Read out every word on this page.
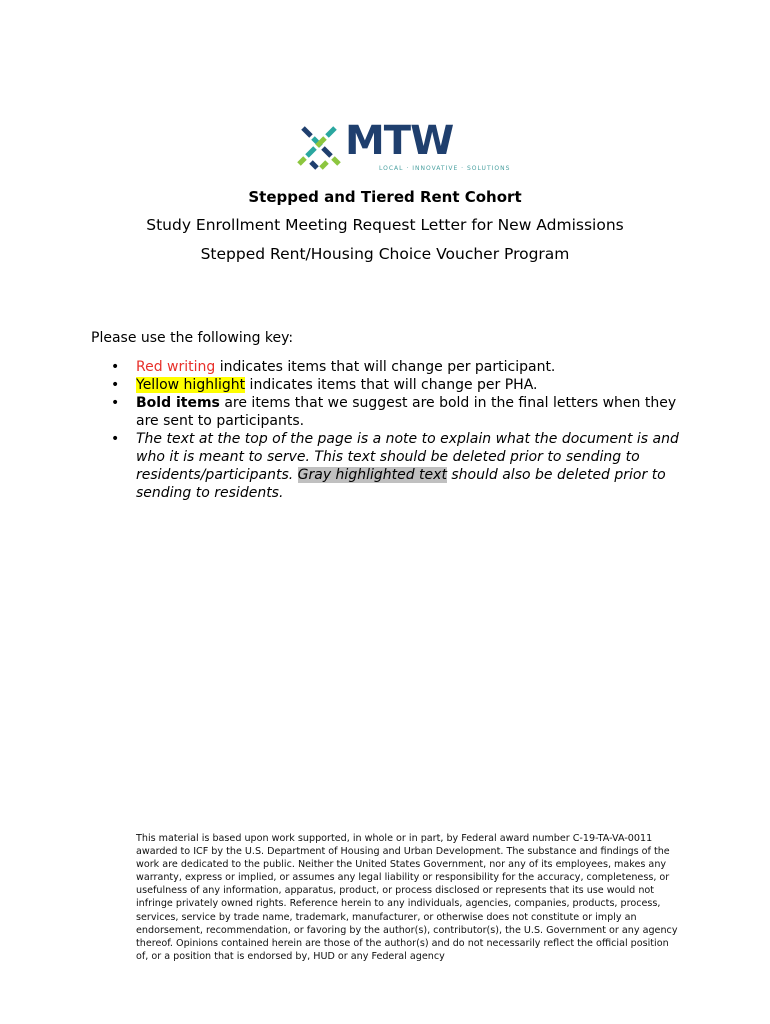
MTW
LOCAL · INNOVATIVE · SOLUTIONS
Stepped and Tiered Rent Cohort
Study Enrollment Meeting Request Letter for New Admissions
Stepped Rent/Housing Choice Voucher Program
Please use the following key:
• Red writing indicates items that will change per participant.
• Yellow highlight indicates items that will change per PHA.
• Bold items are items that we suggest are bold in the final letters when they are sent to participants.
• The text at the top of the page is a note to explain what the document is and who it is meant to serve. This text should be deleted prior to sending to residents/participants. Gray highlighted text should also be deleted prior to sending to residents.
This material is based upon work supported, in whole or in part, by Federal award number C-19-TA-VA-0011 awarded to ICF by the U.S. Department of Housing and Urban Development. The substance and findings of the work are dedicated to the public. Neither the United States Government, nor any of its employees, makes any warranty, express or implied, or assumes any legal liability or responsibility for the accuracy, completeness, or usefulness of any information, apparatus, product, or process disclosed or represents that its use would not infringe privately owned rights. Reference herein to any individuals, agencies, companies, products, process, services, service by trade name, trademark, manufacturer, or otherwise does not constitute or imply an endorsement, recommendation, or favoring by the author(s), contributor(s), the U.S. Government or any agency thereof. Opinions contained herein are those of the author(s) and do not necessarily reflect the official position of, or a position that is endorsed by, HUD or any Federal agency
